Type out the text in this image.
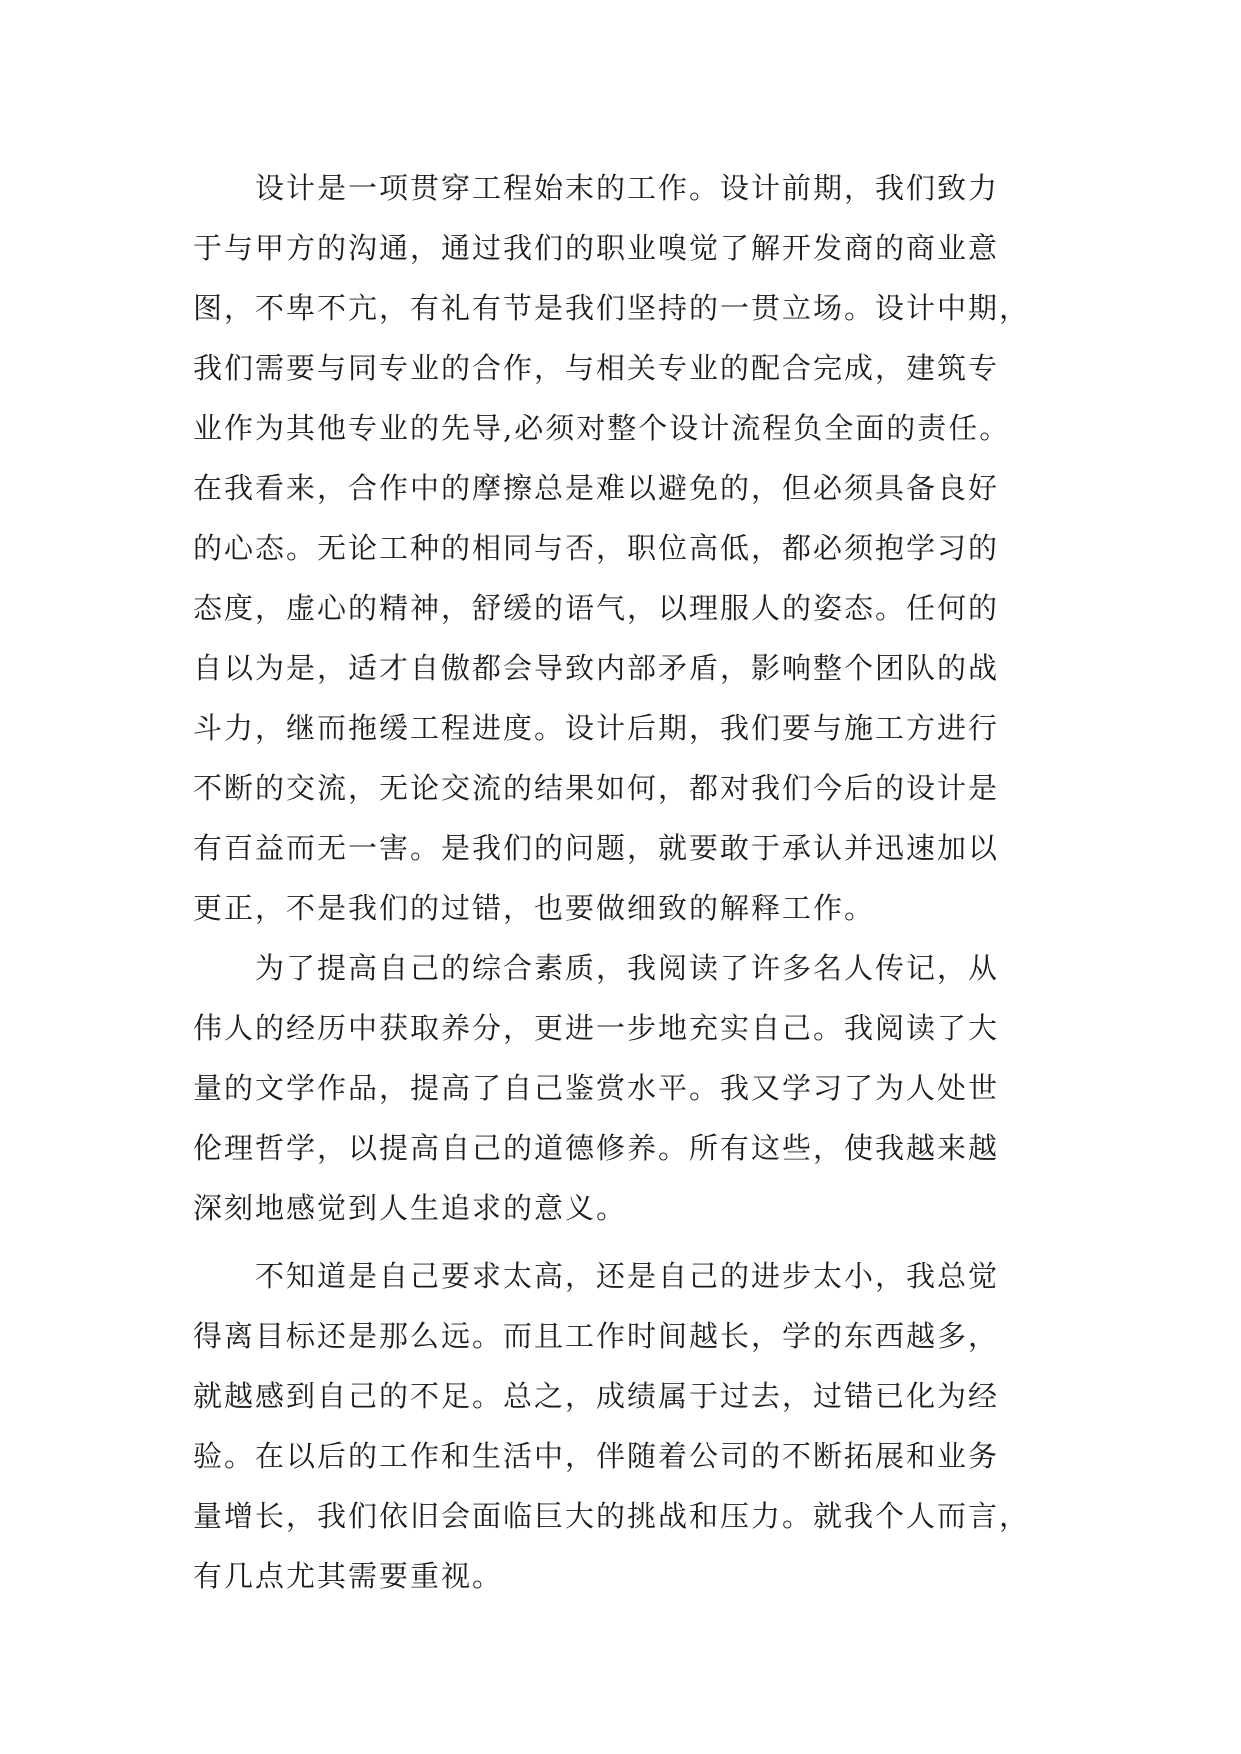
设计是一项贯穿工程始末的工作。设计前期，我们致力
于与甲方的沟通，通过我们的职业嗅觉了解开发商的商业意
图，不卑不亢，有礼有节是我们坚持的一贯立场。设计中期，
我们需要与同专业的合作，与相关专业的配合完成，建筑专
业作为其他专业的先导,必须对整个设计流程负全面的责任。
在我看来，合作中的摩擦总是难以避免的，但必须具备良好
的心态。无论工种的相同与否，职位高低，都必须抱学习的
态度，虚心的精神，舒缓的语气，以理服人的姿态。任何的
自以为是，适才自傲都会导致内部矛盾，影响整个团队的战
斗力，继而拖缓工程进度。设计后期，我们要与施工方进行
不断的交流，无论交流的结果如何，都对我们今后的设计是
有百益而无一害。是我们的问题，就要敢于承认并迅速加以
更正，不是我们的过错，也要做细致的解释工作。
为了提高自己的综合素质，我阅读了许多名人传记，从
伟人的经历中获取养分，更进一步地充实自己。我阅读了大
量的文学作品，提高了自己鉴赏水平。我又学习了为人处世
伦理哲学，以提高自己的道德修养。所有这些，使我越来越
深刻地感觉到人生追求的意义。
不知道是自己要求太高，还是自己的进步太小，我总觉
得离目标还是那么远。而且工作时间越长，学的东西越多，
就越感到自己的不足。总之，成绩属于过去，过错已化为经
验。在以后的工作和生活中，伴随着公司的不断拓展和业务
量增长，我们依旧会面临巨大的挑战和压力。就我个人而言，
有几点尤其需要重视。
